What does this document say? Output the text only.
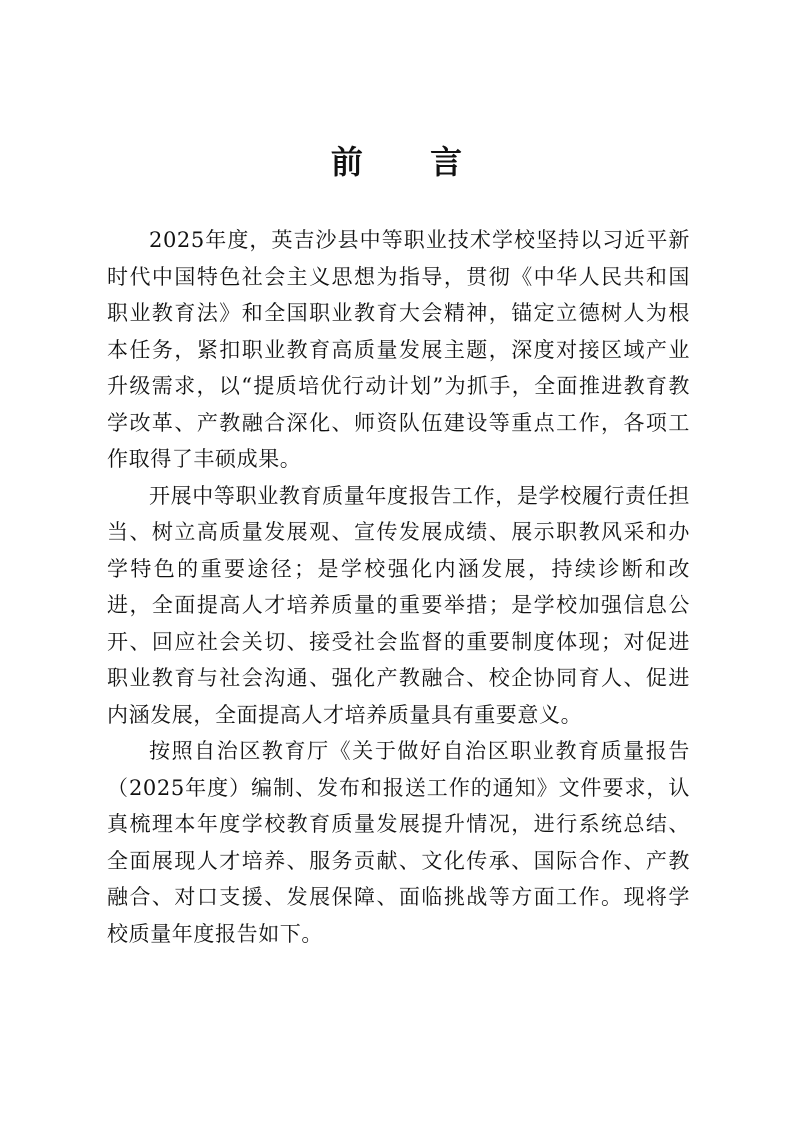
前 言

2025年度，英吉沙县中等职业技术学校坚持以习近平新时代中国特色社会主义思想为指导，贯彻《中华人民共和国职业教育法》和全国职业教育大会精神，锚定立德树人为根本任务，紧扣职业教育高质量发展主题，深度对接区域产业升级需求，以“提质培优行动计划”为抓手，全面推进教育教学改革、产教融合深化、师资队伍建设等重点工作，各项工作取得了丰硕成果。

开展中等职业教育质量年度报告工作，是学校履行责任担当、树立高质量发展观、宣传发展成绩、展示职教风采和办学特色的重要途径；是学校强化内涵发展，持续诊断和改进，全面提高人才培养质量的重要举措；是学校加强信息公开、回应社会关切、接受社会监督的重要制度体现；对促进职业教育与社会沟通、强化产教融合、校企协同育人、促进内涵发展，全面提高人才培养质量具有重要意义。

按照自治区教育厅《关于做好自治区职业教育质量报告（2025年度）编制、发布和报送工作的通知》文件要求，认真梳理本年度学校教育质量发展提升情况，进行系统总结、全面展现人才培养、服务贡献、文化传承、国际合作、产教融合、对口支援、发展保障、面临挑战等方面工作。现将学校质量年度报告如下。
